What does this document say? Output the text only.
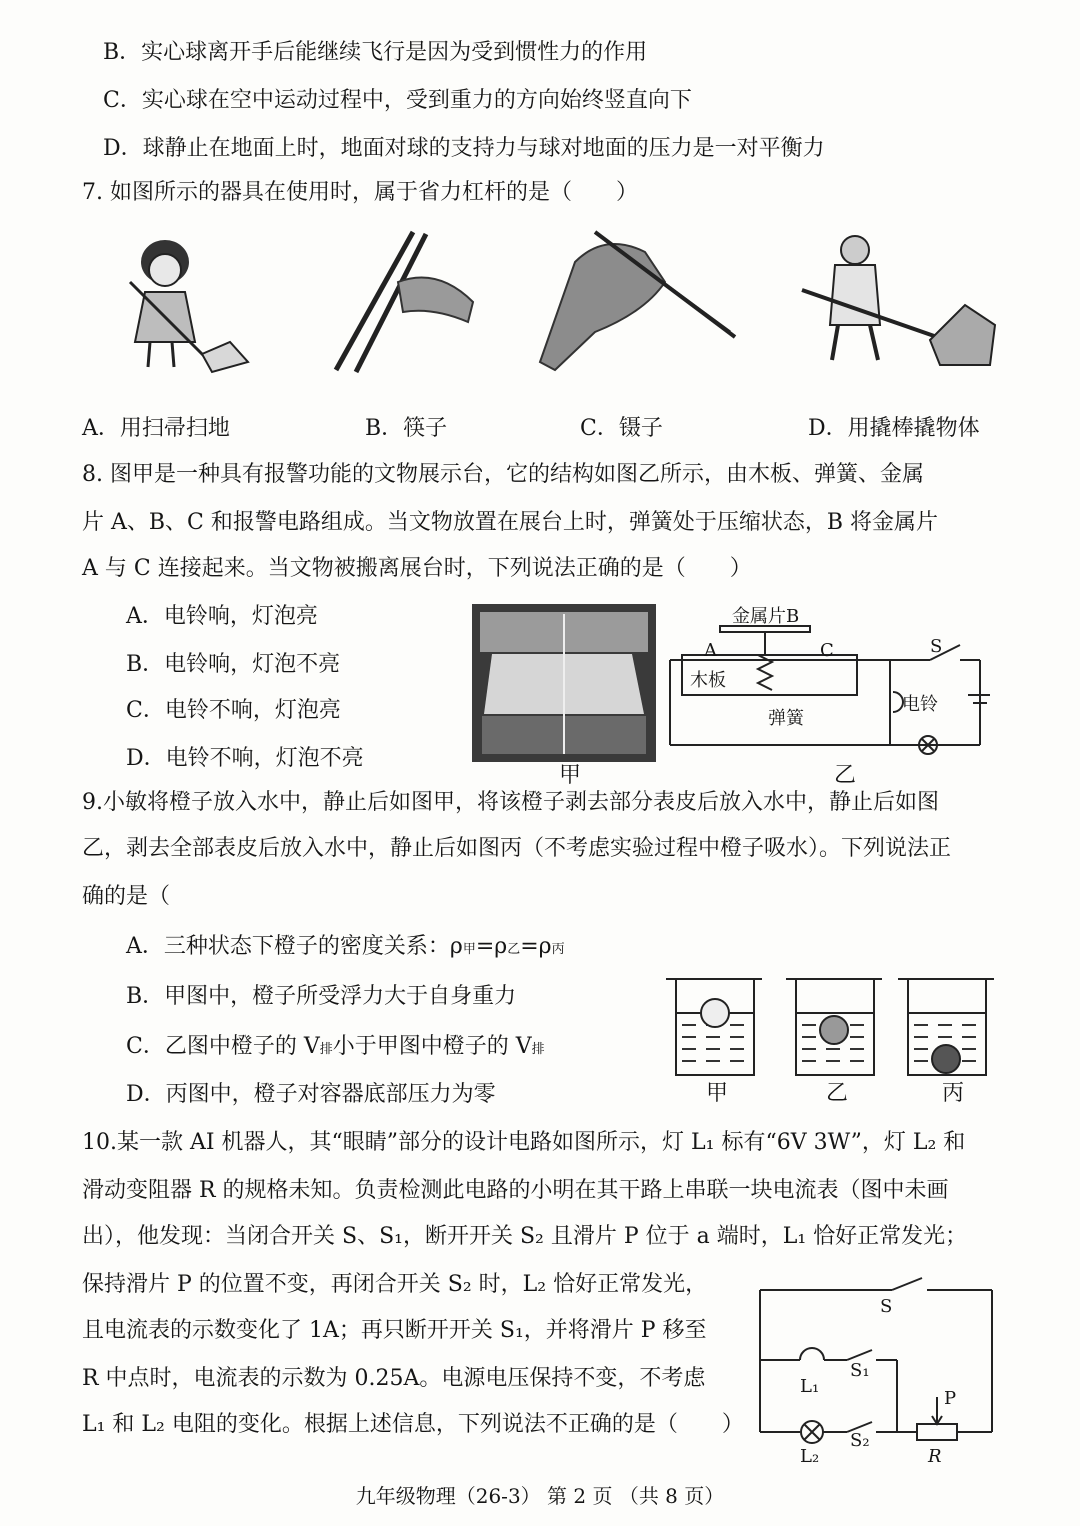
B．实心球离开手后能继续飞行是因为受到惯性力的作用
C．实心球在空中运动过程中，受到重力的方向始终竖直向下
D．球静止在地面上时，地面对球的支持力与球对地面的压力是一对平衡力
7. 如图所示的器具在使用时，属于省力杠杆的是（　　）
A．用扫帚扫地	B．筷子	C．镊子	D．用撬棒撬物体
8. 图甲是一种具有报警功能的文物展示台，它的结构如图乙所示，由木板、弹簧、金属
片 A、B、C 和报警电路组成。当文物放置在展台上时，弹簧处于压缩状态，B 将金属片
A 与 C 连接起来。当文物被搬离展台时，下列说法正确的是（　　）
A．电铃响，灯泡亮
B．电铃响，灯泡不亮
C．电铃不响，灯泡亮
D．电铃不响，灯泡不亮
甲
金属片B
A	C
木板
弹簧
电铃
S
乙
9.小敏将橙子放入水中，静止后如图甲，将该橙子剥去部分表皮后放入水中，静止后如图
乙，剥去全部表皮后放入水中，静止后如图丙（不考虑实验过程中橙子吸水）。下列说法正
确的是（
A．三种状态下橙子的密度关系：ρ甲=ρ乙=ρ丙
B．甲图中，橙子所受浮力大于自身重力
C．乙图中橙子的 V排小于甲图中橙子的 V排
D．丙图中，橙子对容器底部压力为零	甲	乙	丙
10.某一款 AI 机器人，其“眼睛”部分的设计电路如图所示，灯 L₁ 标有“6V 3W”，灯 L₂ 和
滑动变阻器 R 的规格未知。负责检测此电路的小明在其干路上串联一块电流表（图中未画
出），他发现：当闭合开关 S、S₁，断开开关 S₂ 且滑片 P 位于 a 端时，L₁ 恰好正常发光；
保持滑片 P 的位置不变，再闭合开关 S₂ 时，L₂ 恰好正常发光，
且电流表的示数变化了 1A；再只断开开关 S₁，并将滑片 P 移至
R 中点时，电流表的示数为 0.25A。电源电压保持不变，不考虑
L₁ 和 L₂ 电阻的变化。根据上述信息，下列说法不正确的是（　　）
S
S₁
S₂
L₁
L₂
P
R
九年级物理（26-3） 第 2 页 （共 8 页）
